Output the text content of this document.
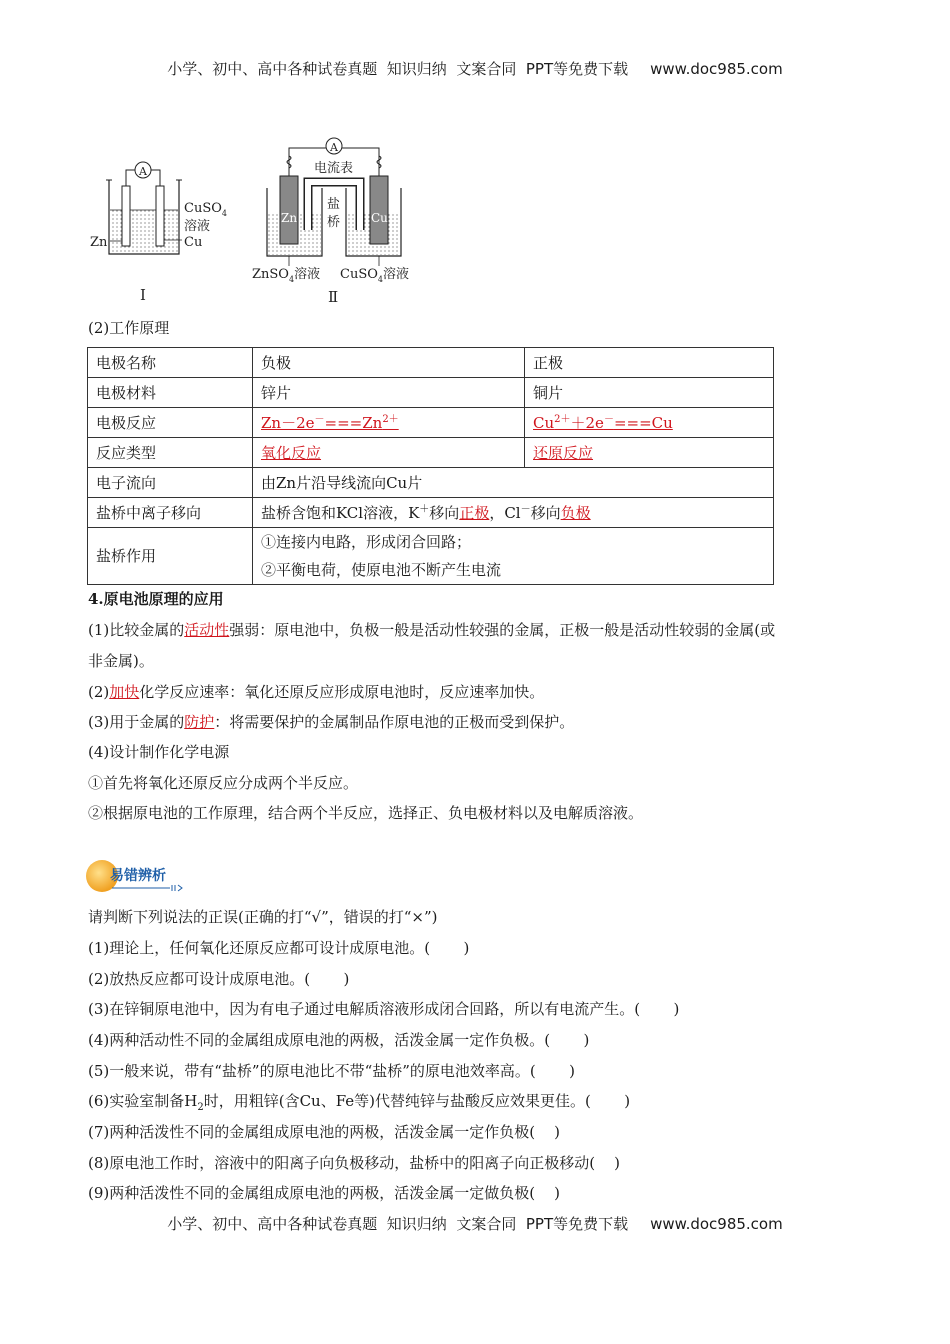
小学、初中、高中各种试卷真题  知识归纳  文案合同  PPT等免费下载 www.doc985.com
A
CuSO$_4$
溶液
Cu
Zn
Ⅰ
Zn	Cu
盐
桥
A
电流表
ZnSO$_4$溶液 CuSO$_4$溶液
Ⅱ
(2)工作原理
电极名称	负极	正极
电极材料	锌片	铜片
电极反应	$Zn-2e^-===Zn^{2+}$	$Cu^{2+}+2e^-===Cu$
反应类型	氧化反应	还原反应
电子流向	由Zn片沿导线流向Cu片	
盐桥中离子移向	盐桥含饱和KCl溶液，K＋移向正极，Cl－移向负极	
盐桥作用	①连接内电路，形成闭合回路；
②平衡电荷，使原电池不断产生电流	
4.原电池原理的应用
(1)比较金属的活动性强弱：原电池中，负极一般是活动性较强的金属，正极一般是活动性较弱的金属(或
非金属)。
(2)加快化学反应速率：氧化还原反应形成原电池时，反应速率加快。
(3)用于金属的防护：将需要保护的金属制品作原电池的正极而受到保护。
(4)设计制作化学电源
①首先将氧化还原反应分成两个半反应。
②根据原电池的工作原理，结合两个半反应，选择正、负电极材料以及电解质溶液。
易错辨析
请判断下列说法的正误(正确的打“√”，错误的打“×”)
(1)理论上，任何氧化还原反应都可设计成原电池。(       )
(2)放热反应都可设计成原电池。(       )
(3)在锌铜原电池中，因为有电子通过电解质溶液形成闭合回路，所以有电流产生。(       )
(4)两种活动性不同的金属组成原电池的两极，活泼金属一定作负极。(       )
(5)一般来说，带有“盐桥”的原电池比不带“盐桥”的原电池效率高。(       )
(6)实验室制备$H_2$时，用粗锌(含Cu、Fe等)代替纯锌与盐酸反应效果更佳。(       )
(7)两种活泼性不同的金属组成原电池的两极，活泼金属一定作负极(    )
(8)原电池工作时，溶液中的阳离子向负极移动，盐桥中的阳离子向正极移动(    )
(9)两种活泼性不同的金属组成原电池的两极，活泼金属一定做负极(    )
小学、初中、高中各种试卷真题  知识归纳  文案合同  PPT等免费下载 www.doc985.com
